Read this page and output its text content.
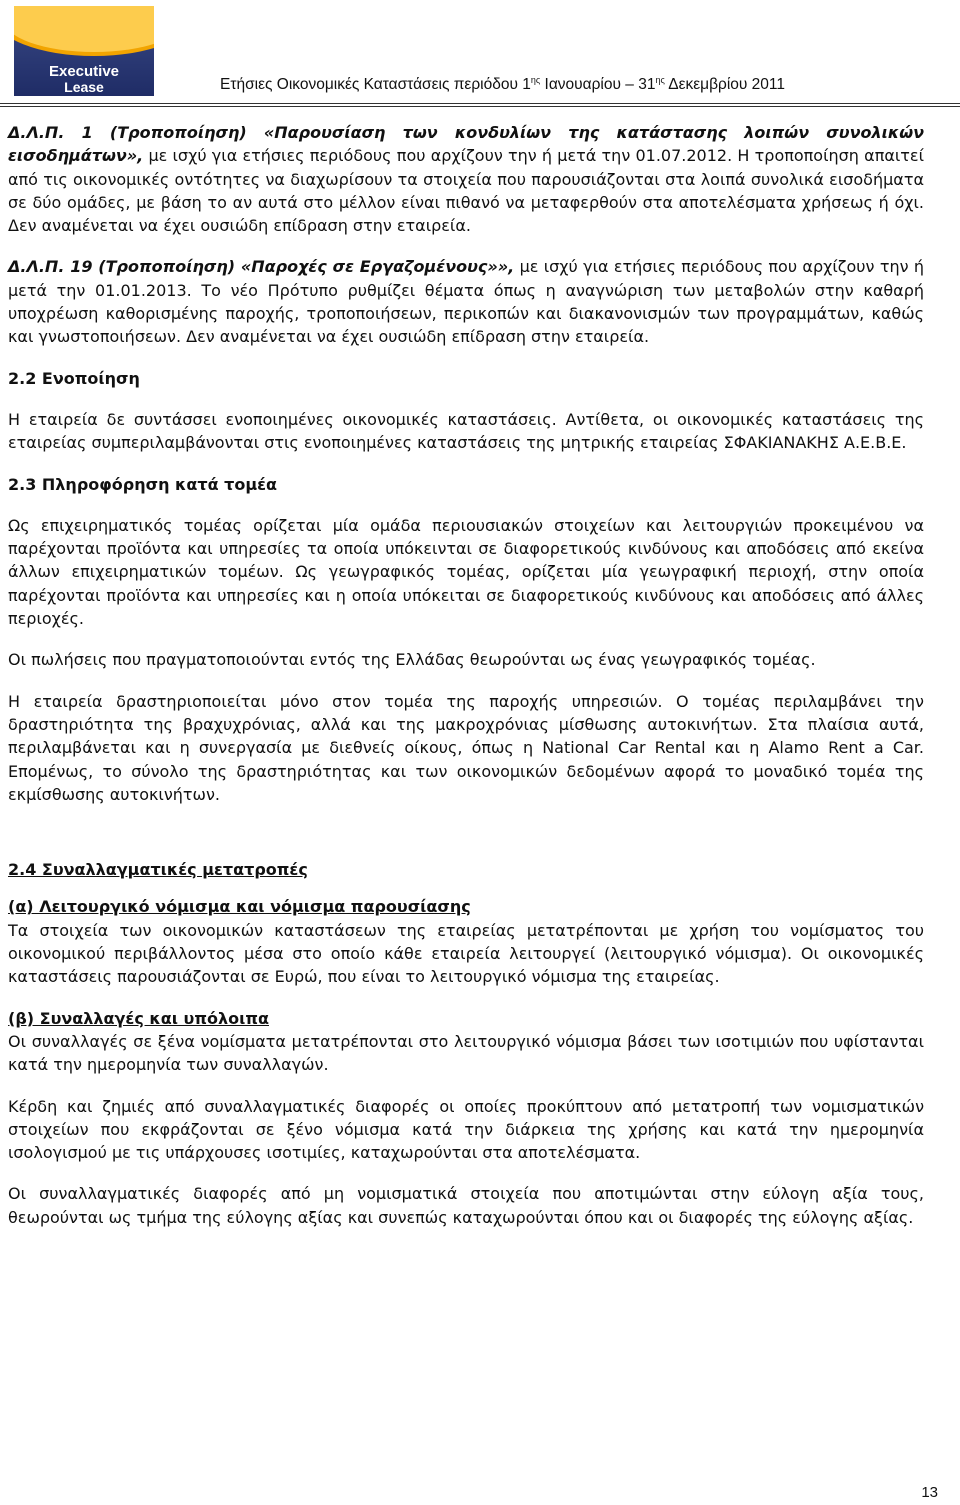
Executive
Lease	Ετήσιες Οικονομικές Καταστάσεις περιόδου $1^{\eta\varsigma}$ Ιανουαρίου – $31^{\eta\varsigma}$ Δεκεμβρίου 2011

Δ.Λ.Π. 1 (Τροποποίηση) «Παρουσίαση των κονδυλίων της κατάστασης λοιπών συνολικών εισοδημάτων», με ισχύ για ετήσιες περιόδους που αρχίζουν την ή μετά την 01.07.2012. Η τροποποίηση απαιτεί από τις οικονομικές οντότητες να διαχωρίσουν τα στοιχεία που παρουσιάζονται στα λοιπά συνολικά εισοδήματα σε δύο ομάδες, με βάση το αν αυτά στο μέλλον είναι πιθανό να μεταφερθούν στα αποτελέσματα χρήσεως ή όχι. Δεν αναμένεται να έχει ουσιώδη επίδραση στην εταιρεία.

Δ.Λ.Π. 19 (Τροποποίηση) «Παροχές σε Εργαζομένους»», με ισχύ για ετήσιες περιόδους που αρχίζουν την ή μετά την 01.01.2013. Το νέο Πρότυπο ρυθμίζει θέματα όπως η αναγνώριση των μεταβολών στην καθαρή υποχρέωση καθορισμένης παροχής, τροποποιήσεων, περικοπών και διακανονισμών των προγραμμάτων, καθώς και γνωστοποιήσεων. Δεν αναμένεται να έχει ουσιώδη επίδραση στην εταιρεία.

2.2 Ενοποίηση

Η εταιρεία δε συντάσσει ενοποιημένες οικονομικές καταστάσεις. Αντίθετα, οι οικονομικές καταστάσεις της εταιρείας συμπεριλαμβάνονται στις ενοποιημένες καταστάσεις της μητρικής εταιρείας ΣΦΑΚΙΑΝΑΚΗΣ Α.Ε.Β.Ε.

2.3 Πληροφόρηση κατά τομέα

Ως επιχειρηματικός τομέας ορίζεται μία ομάδα περιουσιακών στοιχείων και λειτουργιών προκειμένου να παρέχονται προϊόντα και υπηρεσίες τα οποία υπόκεινται σε διαφορετικούς κινδύνους και αποδόσεις από εκείνα άλλων επιχειρηματικών τομέων. Ως γεωγραφικός τομέας, ορίζεται μία γεωγραφική περιοχή, στην οποία παρέχονται προϊόντα και υπηρεσίες και η οποία υπόκειται σε διαφορετικούς κινδύνους και αποδόσεις από άλλες περιοχές.

Οι πωλήσεις που πραγματοποιούνται εντός της Ελλάδας θεωρούνται ως ένας γεωγραφικός τομέας.

Η εταιρεία δραστηριοποιείται μόνο στον τομέα της παροχής υπηρεσιών. Ο τομέας περιλαμβάνει την δραστηριότητα της βραχυχρόνιας, αλλά και της μακροχρόνιας μίσθωσης αυτοκινήτων. Στα πλαίσια αυτά, περιλαμβάνεται και η συνεργασία με διεθνείς οίκους, όπως η National Car Rental και η Alamo Rent a Car. Επομένως, το σύνολο της δραστηριότητας και των οικονομικών δεδομένων αφορά το μοναδικό τομέα της εκμίσθωσης αυτοκινήτων.

2.4 Συναλλαγματικές μετατροπές
(α) Λειτουργικό νόμισμα και νόμισμα παρουσίασης

Τα στοιχεία των οικονομικών καταστάσεων της εταιρείας μετατρέπονται με χρήση του νομίσματος του οικονομικού περιβάλλοντος μέσα στο οποίο κάθε εταιρεία λειτουργεί (λειτουργικό νόμισμα). Οι οικονομικές καταστάσεις παρουσιάζονται σε Ευρώ, που είναι το λειτουργικό νόμισμα της εταιρείας.

(β) Συναλλαγές και υπόλοιπα

Οι συναλλαγές σε ξένα νομίσματα μετατρέπονται στο λειτουργικό νόμισμα βάσει των ισοτιμιών που υφίστανται κατά την ημερομηνία των συναλλαγών.

Κέρδη και ζημιές από συναλλαγματικές διαφορές οι οποίες προκύπτουν από μετατροπή των νομισματικών στοιχείων που εκφράζονται σε ξένο νόμισμα κατά την διάρκεια της χρήσης και κατά την ημερομηνία ισολογισμού με τις υπάρχουσες ισοτιμίες, καταχωρούνται στα αποτελέσματα.

Οι συναλλαγματικές διαφορές από μη νομισματικά στοιχεία που αποτιμώνται στην εύλογη αξία τους, θεωρούνται ως τμήμα της εύλογης αξίας και συνεπώς καταχωρούνται όπου και οι διαφορές της εύλογης αξίας.

13
